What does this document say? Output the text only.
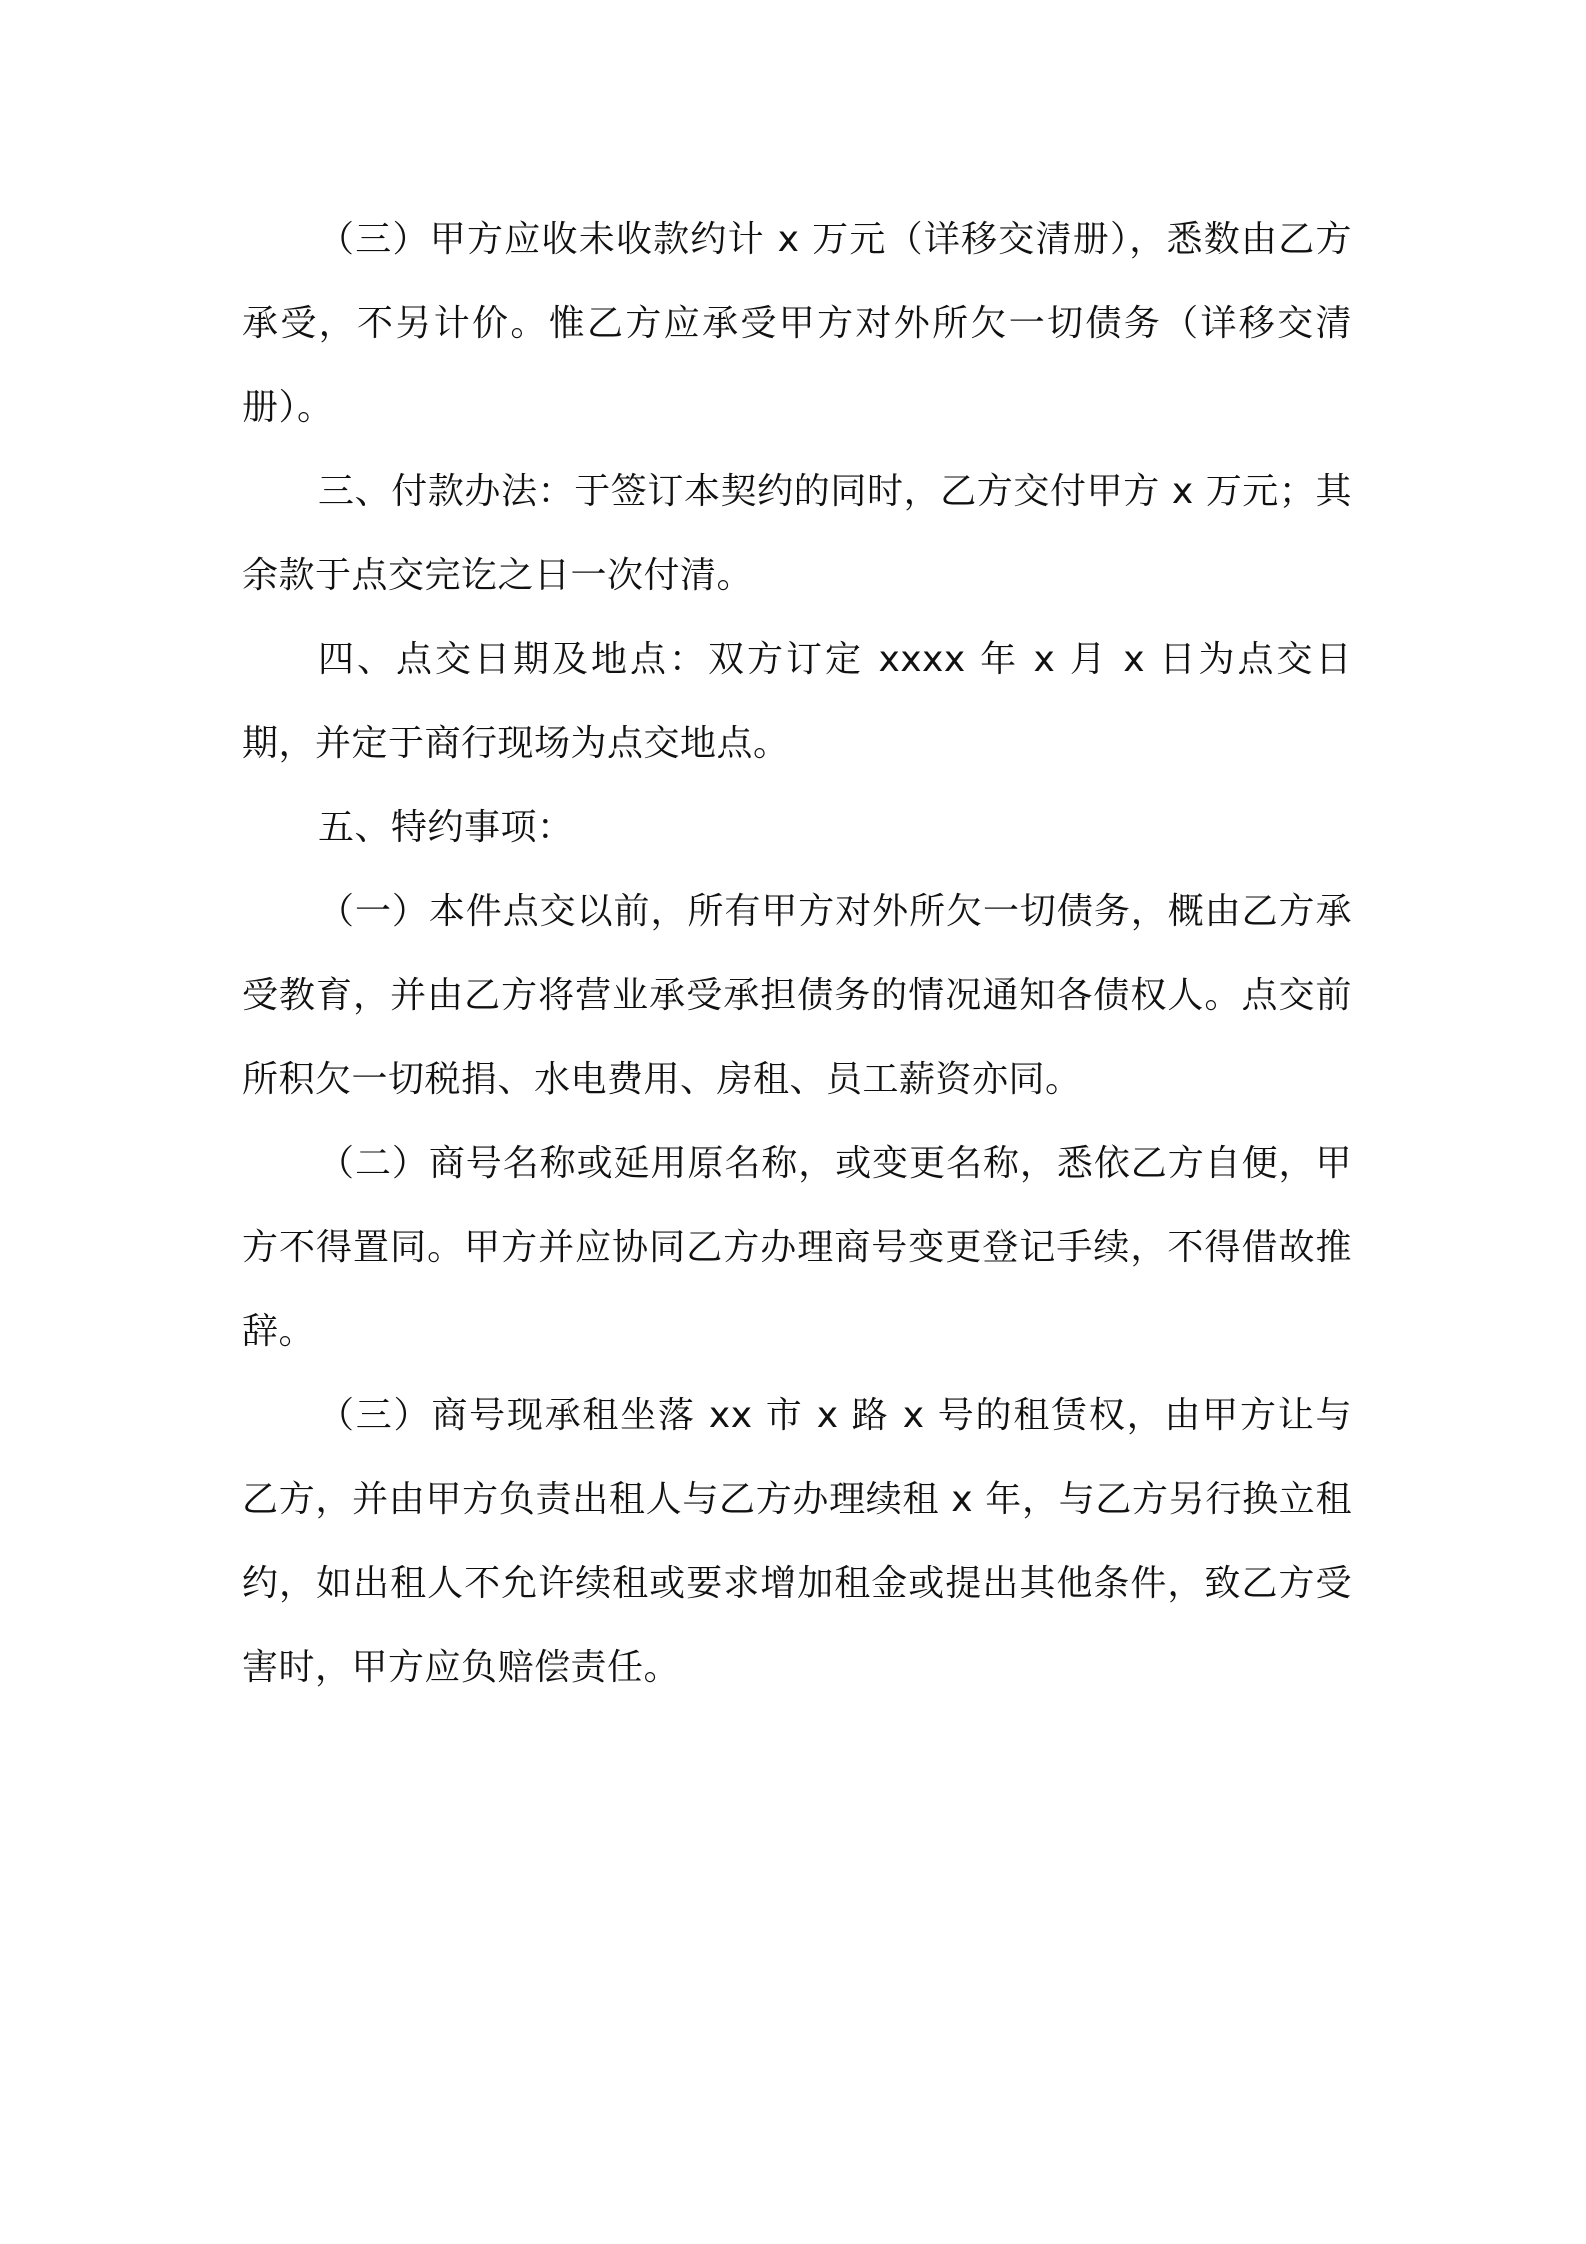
（三）甲方应收未收款约计 x 万元（详移交清册），悉数由乙方承受，不另计价。惟乙方应承受甲方对外所欠一切债务（详移交清册）。

三、付款办法：于签订本契约的同时，乙方交付甲方 x 万元；其余款于点交完讫之日一次付清。

四、点交日期及地点：双方订定 xxxx 年 x 月 x 日为点交日期，并定于商行现场为点交地点。

五、特约事项：

（一）本件点交以前，所有甲方对外所欠一切债务，概由乙方承受教育，并由乙方将营业承受承担债务的情况通知各债权人。点交前所积欠一切税捐、水电费用、房租、员工薪资亦同。

（二）商号名称或延用原名称，或变更名称，悉依乙方自便，甲方不得置同。甲方并应协同乙方办理商号变更登记手续，不得借故推辞。

（三）商号现承租坐落 xx 市 x 路 x 号的租赁权，由甲方让与乙方，并由甲方负责出租人与乙方办理续租 x 年，与乙方另行换立租约，如出租人不允许续租或要求增加租金或提出其他条件，致乙方受害时，甲方应负赔偿责任。
